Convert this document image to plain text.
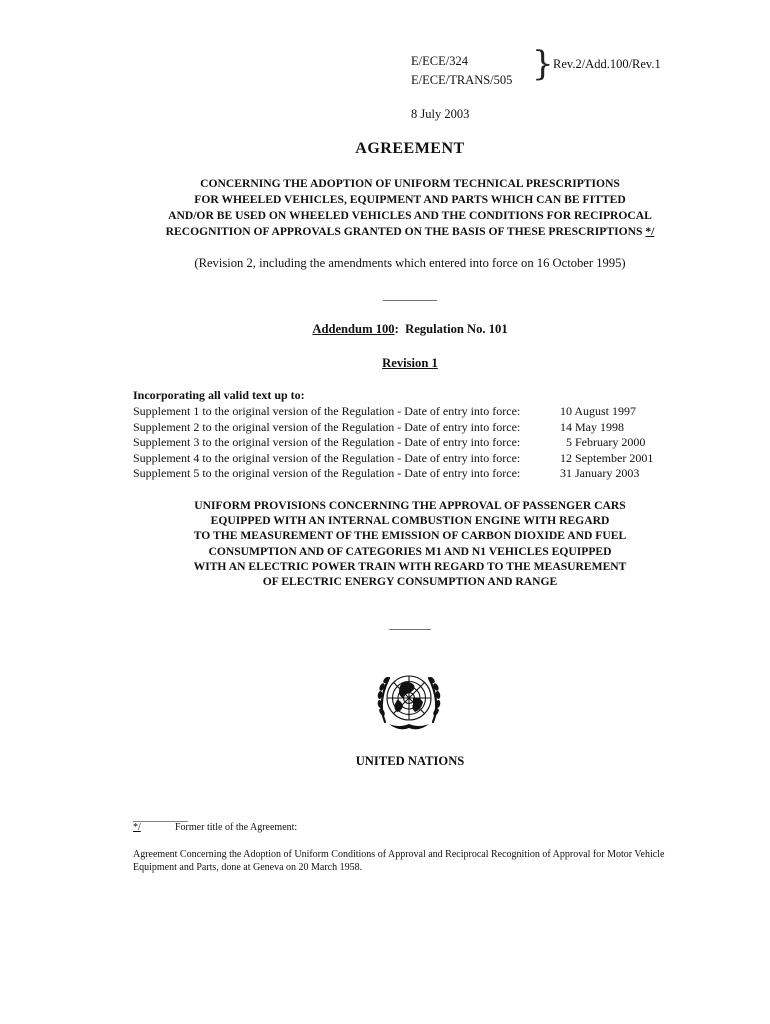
E/ECE/324
E/ECE/TRANS/505 } Rev.2/Add.100/Rev.1
8 July 2003
AGREEMENT
CONCERNING THE ADOPTION OF UNIFORM TECHNICAL PRESCRIPTIONS
FOR WHEELED VEHICLES, EQUIPMENT AND PARTS WHICH CAN BE FITTED
AND/OR BE USED ON WHEELED VEHICLES AND THE CONDITIONS FOR RECIPROCAL
RECOGNITION OF APPROVALS GRANTED ON THE BASIS OF THESE PRESCRIPTIONS */
(Revision 2, including the amendments which entered into force on 16 October 1995)
_________
Addendum 100: Regulation No. 101
Revision 1
Incorporating all valid text up to:
Supplement 1 to the original version of the Regulation - Date of entry into force:	10 August 1997
Supplement 2 to the original version of the Regulation - Date of entry into force:	14 May 1998
Supplement 3 to the original version of the Regulation - Date of entry into force:	5 February 2000
Supplement 4 to the original version of the Regulation - Date of entry into force:	12 September 2001
Supplement 5 to the original version of the Regulation - Date of entry into force:	31 January 2003
UNIFORM PROVISIONS CONCERNING THE APPROVAL OF PASSENGER CARS
EQUIPPED WITH AN INTERNAL COMBUSTION ENGINE WITH REGARD
TO THE MEASUREMENT OF THE EMISSION OF CARBON DIOXIDE AND FUEL
CONSUMPTION AND OF CATEGORIES M1 AND N1 VEHICLES EQUIPPED
WITH AN ELECTRIC POWER TRAIN WITH REGARD TO THE MEASUREMENT
OF ELECTRIC ENERGY CONSUMPTION AND RANGE
_______
UNITED NATIONS
___________
*/	Former title of the Agreement:
Agreement Concerning the Adoption of Uniform Conditions of Approval and Reciprocal Recognition of Approval for Motor Vehicle Equipment and Parts, done at Geneva on 20 March 1958.
